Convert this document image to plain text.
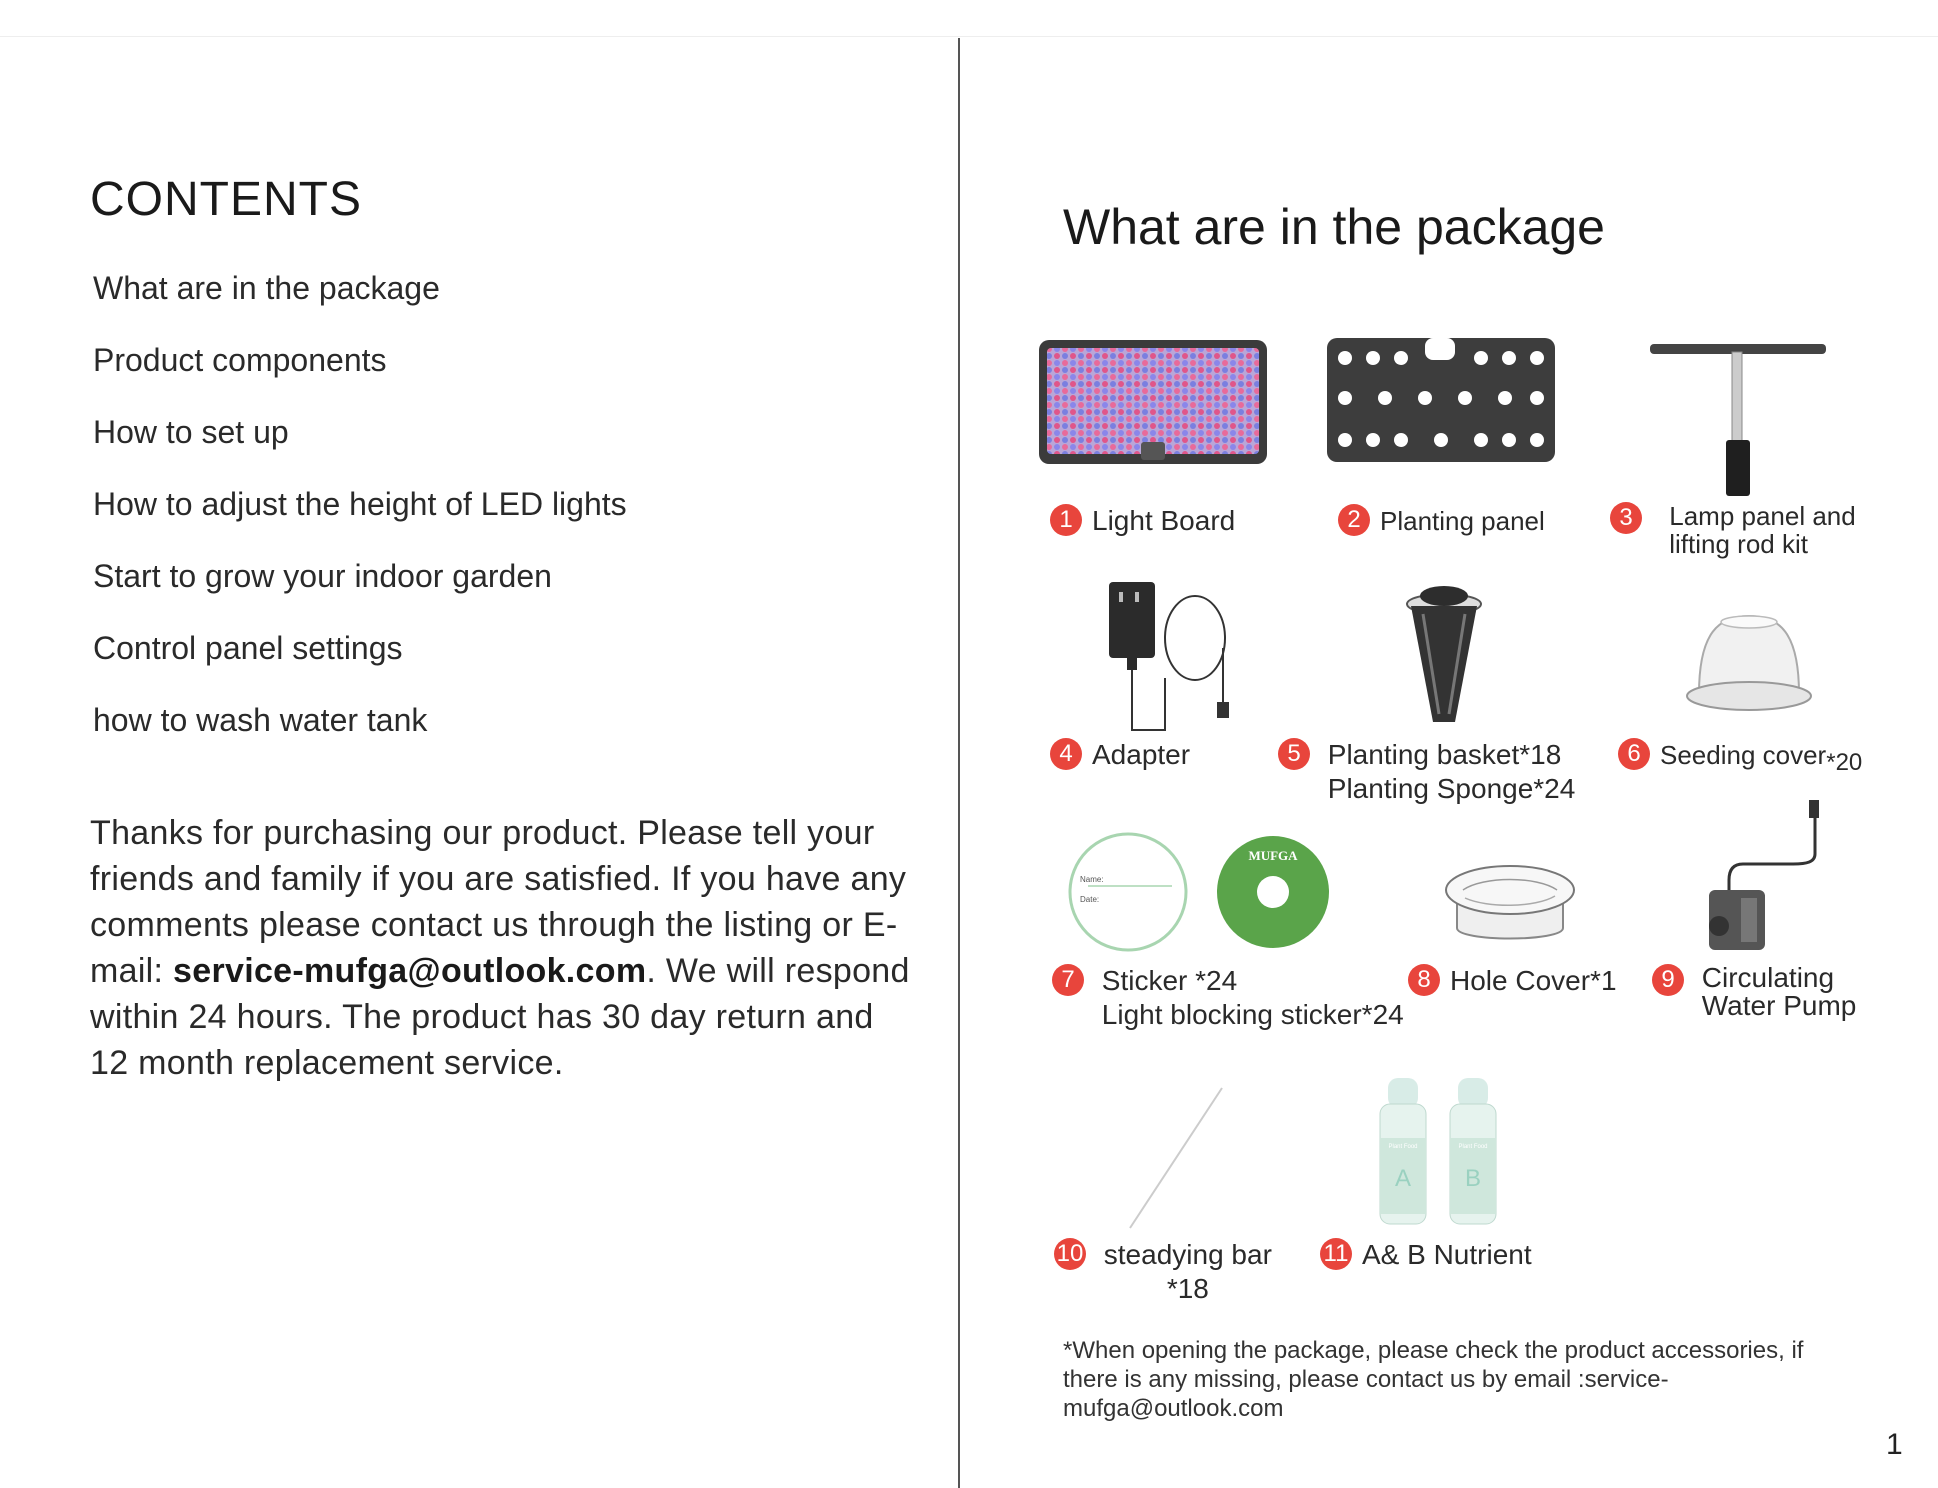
CONTENTS
What are in the package
Product components
How to set up
How to adjust the height of LED lights
Start to grow your indoor garden
Control panel settings
how to wash water tank
Thanks for purchasing our product. Please tell your friends and family if you are satisfied. If you have any comments please contact us through the listing or E-mail: service-mufga@outlook.com. We will respond within 24 hours. The product has 30 day return and 12 month replacement service.
What are in the package
Name:
Date:
MUFGA
Plant Food
A
Plant Food
B
1 Light Board	2 Planting panel	3 Lamp panel and
lifting rod kit
4 Adapter	5 Planting basket*18
Planting Sponge*24
6 Seeding cover*20
7 Sticker *24
Light blocking sticker*24
8 Hole Cover*1	9 Circulating
Water Pump
10 steadying bar
*18
11 A& B Nutrient
*When opening the package, please check the product accessories, if there is any missing, please contact us by email :service-mufga@outlook.com
1
